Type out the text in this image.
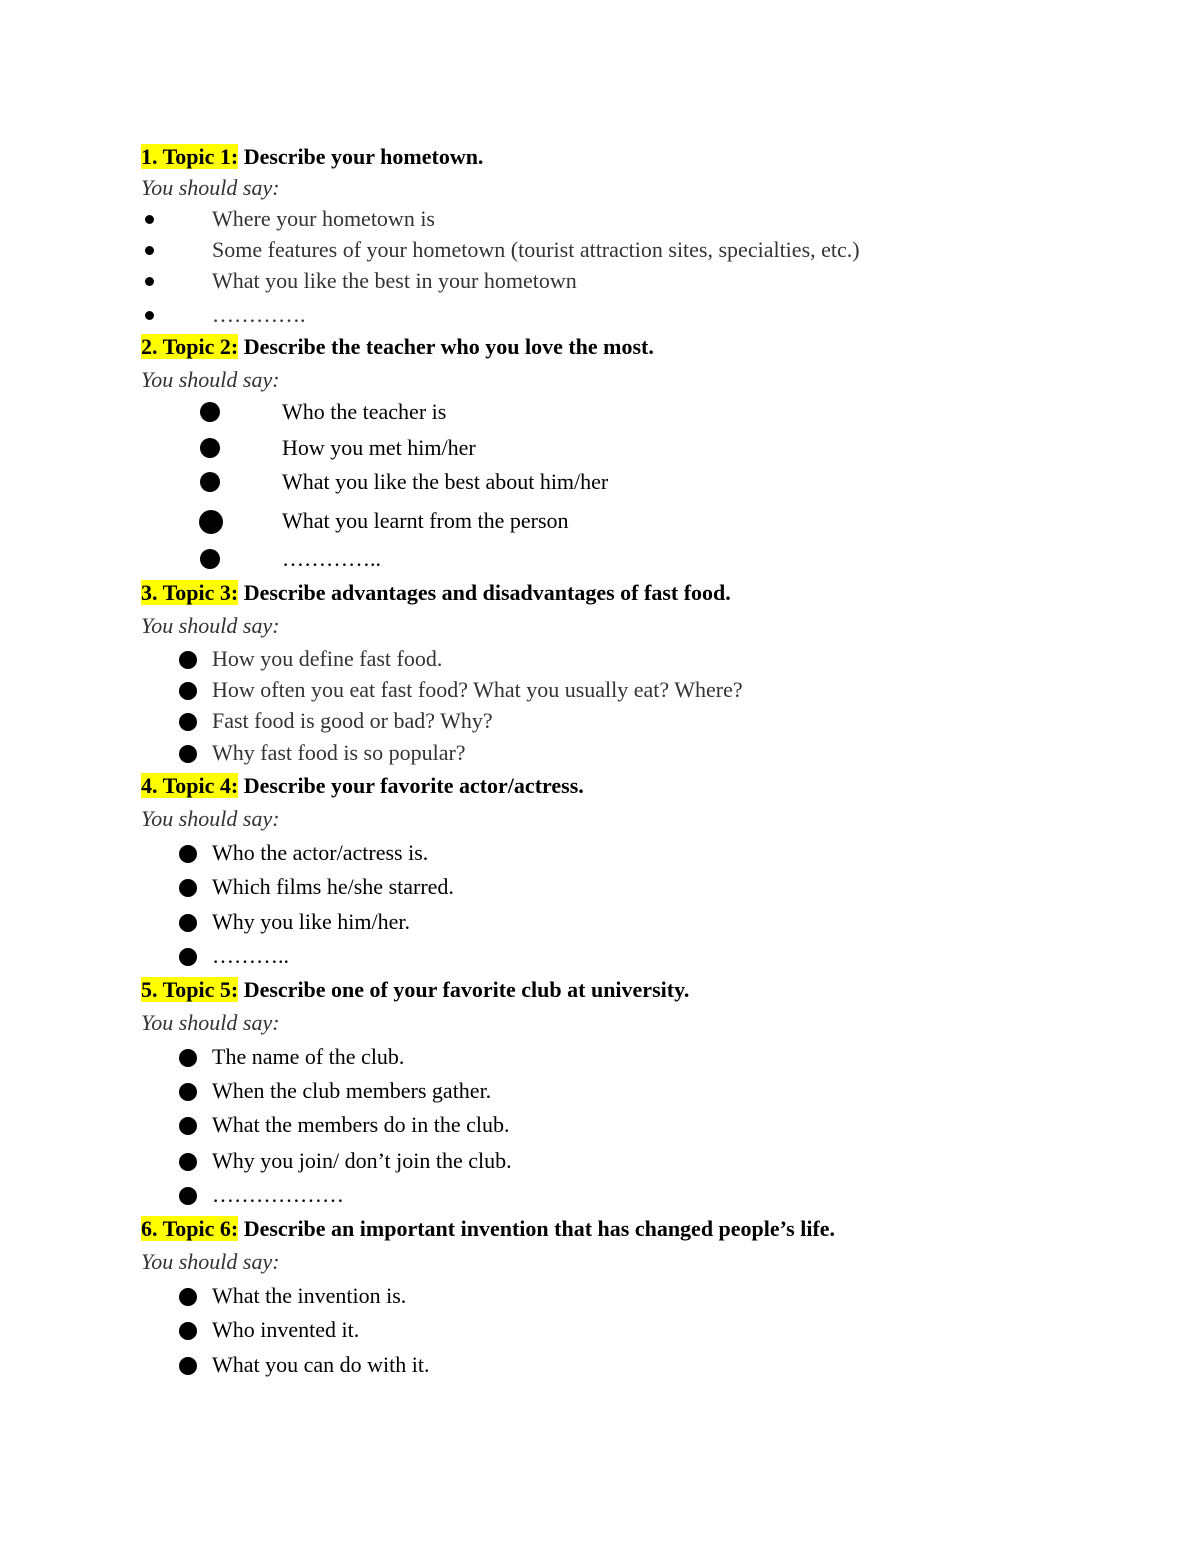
1. Topic 1: Describe your hometown.
You should say:
Where your hometown is
Some features of your hometown (tourist attraction sites, specialties, etc.)
What you like the best in your hometown
………….
2. Topic 2: Describe the teacher who you love the most.
You should say:
Who the teacher is
How you met him/her
What you like the best about him/her
What you learnt from the person
…………..
3. Topic 3: Describe advantages and disadvantages of fast food.
You should say:
How you define fast food.
How often you eat fast food? What you usually eat? Where?
Fast food is good or bad? Why?
Why fast food is so popular?
4. Topic 4: Describe your favorite actor/actress.
You should say:
Who the actor/actress is.
Which films he/she starred.
Why you like him/her.
………..
5. Topic 5: Describe one of your favorite club at university.
You should say:
The name of the club.
When the club members gather.
What the members do in the club.
Why you join/ don’t join the club.
………………
6. Topic 6: Describe an important invention that has changed people’s life.
You should say:
What the invention is.
Who invented it.
What you can do with it.
